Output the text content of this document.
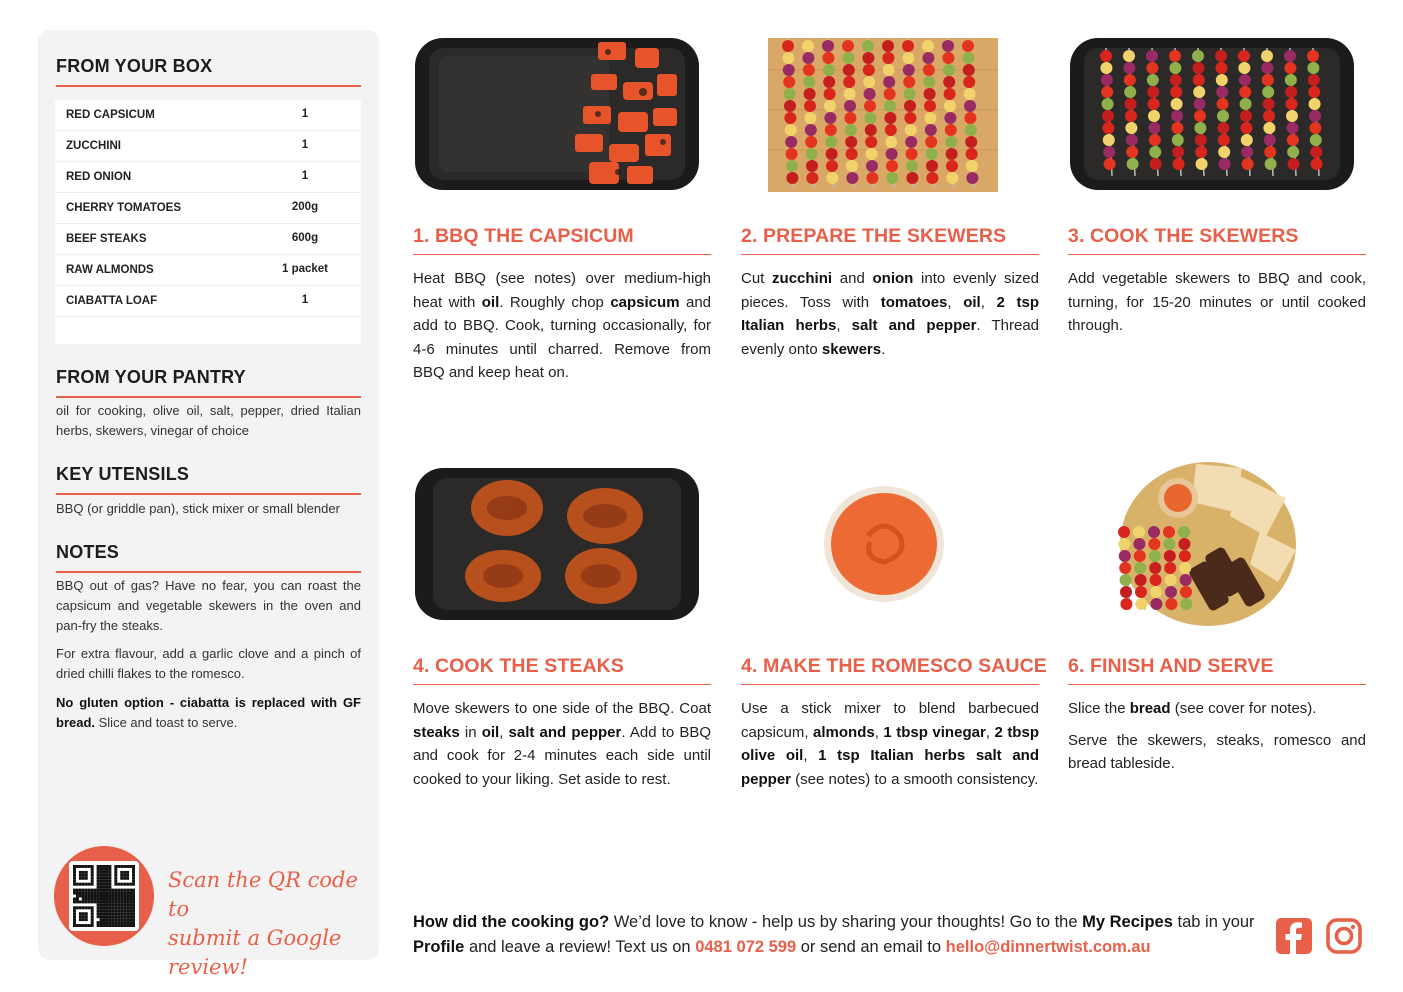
FROM YOUR BOX
RED CAPSICUM	1
ZUCCHINI	1
RED ONION	1
CHERRY TOMATOES	200g
BEEF STEAKS	600g
RAW ALMONDS	1 packet
CIABATTA LOAF	1
FROM YOUR PANTRY
oil for cooking, olive oil, salt, pepper, dried Italian herbs, skewers, vinegar of choice
KEY UTENSILS
BBQ (or griddle pan), stick mixer or small blender
NOTES
BBQ out of gas? Have no fear, you can roast the capsicum and vegetable skewers in the oven and pan-fry the steaks.
For extra flavour, add a garlic clove and a pinch of dried chilli flakes to the romesco.
No gluten option - ciabatta is replaced with GF bread. Slice and toast to serve.
Scan the QR code to
submit a Google review!
1. BBQ THE CAPSICUM

Heat BBQ (see notes) over medium-high heat with oil. Roughly chop capsicum and add to BBQ. Cook, turning occasionally, for 4-6 minutes until charred. Remove from BBQ and keep heat on.

2. PREPARE THE SKEWERS

Cut zucchini and onion into evenly sized pieces. Toss with tomatoes, oil, 2 tsp Italian herbs, salt and pepper. Thread evenly onto skewers.

3. COOK THE SKEWERS

Add vegetable skewers to BBQ and cook, turning, for 15-20 minutes or until cooked through.

4. COOK THE STEAKS

Move skewers to one side of the BBQ. Coat steaks in oil, salt and pepper. Add to BBQ and cook for 2-4 minutes each side until cooked to your liking. Set aside to rest.

4. MAKE THE ROMESCO SAUCE

Use a stick mixer to blend barbecued capsicum, almonds, 1 tbsp vinegar, 2 tbsp olive oil, 1 tsp Italian herbs salt and pepper (see notes) to a smooth consistency.

6. FINISH AND SERVE

Slice the bread (see cover for notes).

Serve the skewers, steaks, romesco and bread tableside.

How did the cooking go? We’d love to know - help us by sharing your thoughts! Go to the My Recipes tab in your Profile and leave a review! Text us on 0481 072 599 or send an email to hello@dinnertwist.com.au
